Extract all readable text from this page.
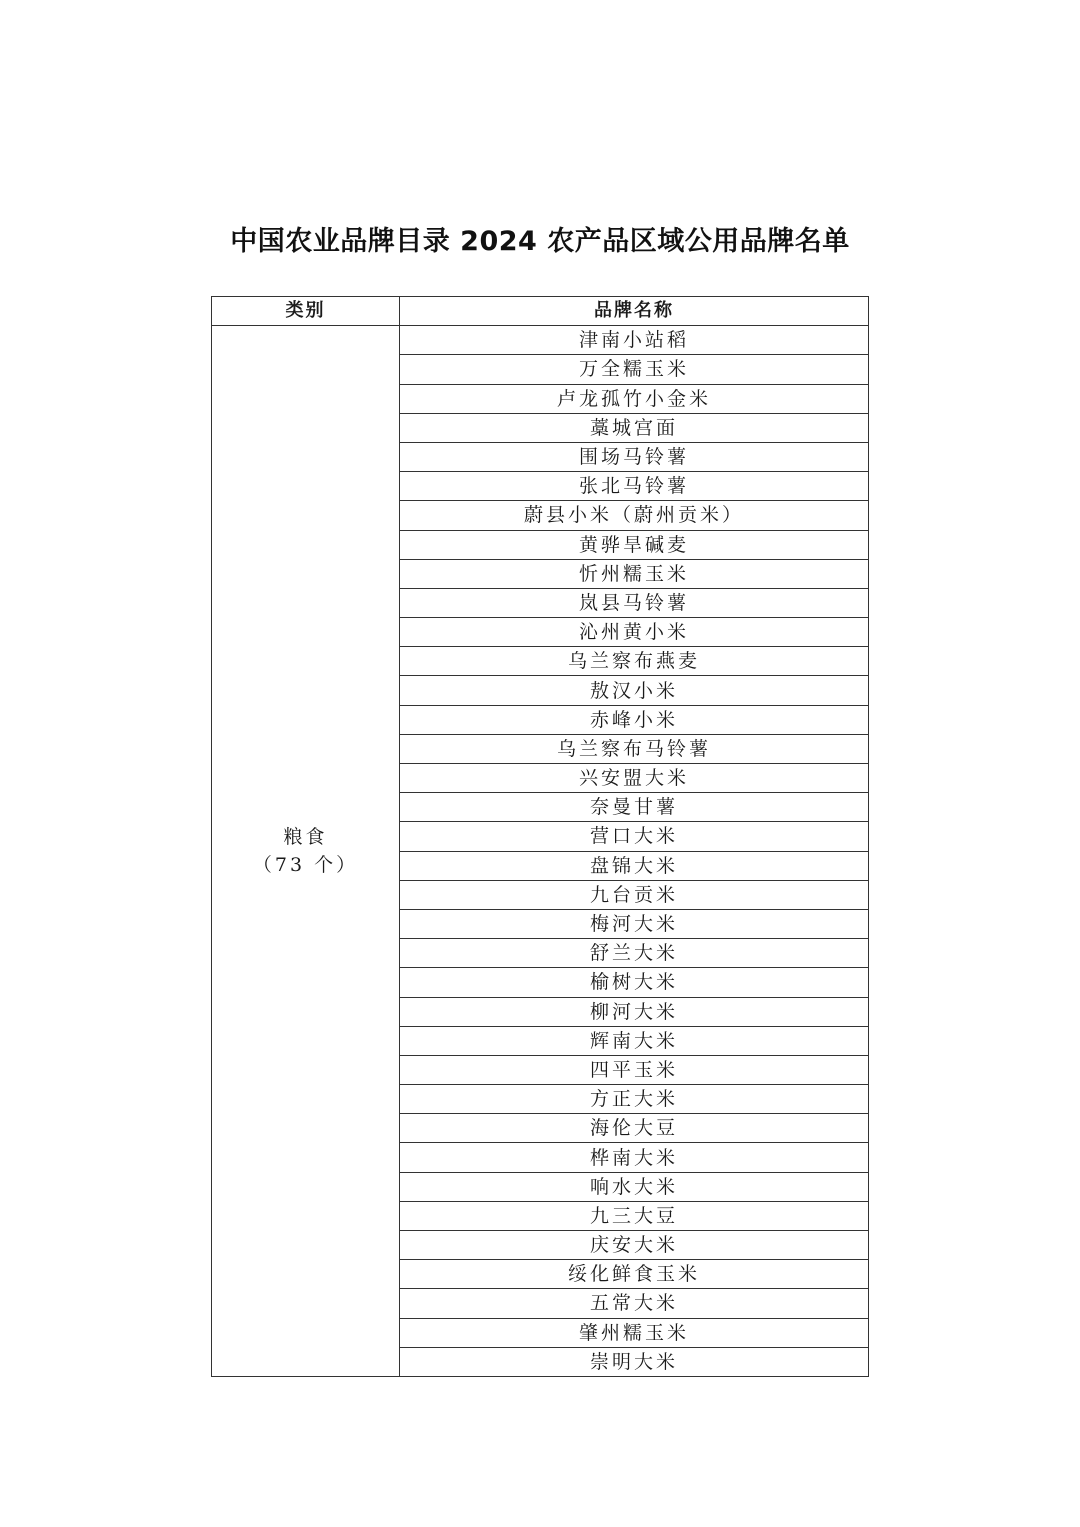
中国农业品牌目录 2024 农产品区域公用品牌名单
类别	品牌名称

粮食
（73 个）	津南小站稻
	万全糯玉米
	卢龙孤竹小金米
	藁城宫面
	围场马铃薯
	张北马铃薯
	蔚县小米（蔚州贡米）
	黄骅旱碱麦
	忻州糯玉米
	岚县马铃薯
	沁州黄小米
	乌兰察布燕麦
	敖汉小米
	赤峰小米
	乌兰察布马铃薯
	兴安盟大米
	奈曼甘薯
	营口大米
	盘锦大米
	九台贡米
	梅河大米
	舒兰大米
	榆树大米
	柳河大米
	辉南大米
	四平玉米
	方正大米
	海伦大豆
	桦南大米
	响水大米
	九三大豆
	庆安大米
	绥化鲜食玉米
	五常大米
	肇州糯玉米
	崇明大米
